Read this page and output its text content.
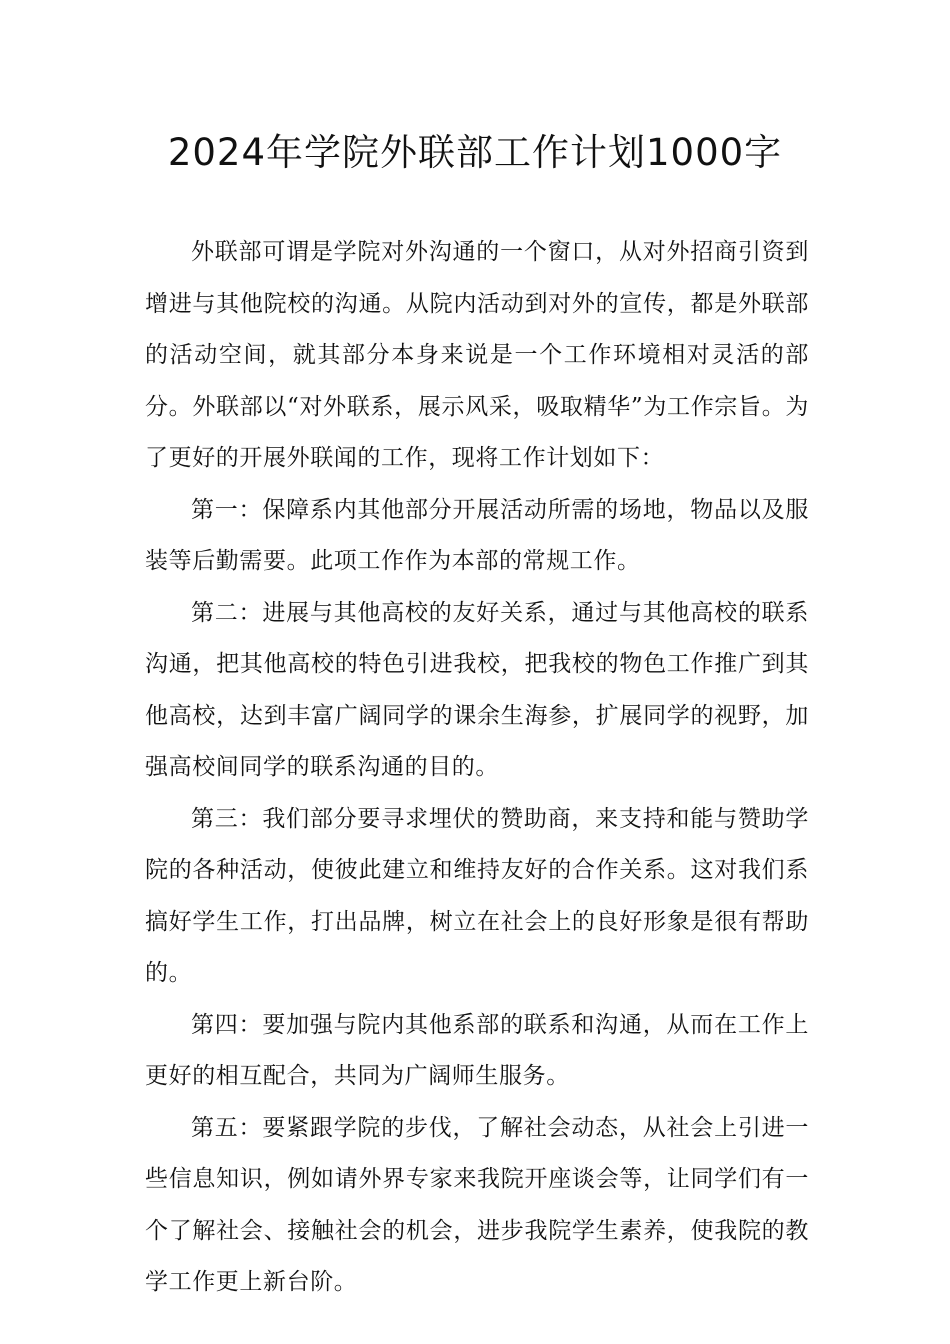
2024年学院外联部工作计划1000字

外联部可谓是学院对外沟通的一个窗口，从对外招商引资到增进与其他院校的沟通。从院内活动到对外的宣传，都是外联部的活动空间，就其部分本身来说是一个工作环境相对灵活的部分。外联部以“对外联系，展示风采，吸取精华”为工作宗旨。为了更好的开展外联闻的工作，现将工作计划如下：

第一：保障系内其他部分开展活动所需的场地，物品以及服装等后勤需要。此项工作作为本部的常规工作。

第二：进展与其他高校的友好关系，通过与其他高校的联系沟通，把其他高校的特色引进我校，把我校的物色工作推广到其他高校，达到丰富广阔同学的课余生海参，扩展同学的视野，加强高校间同学的联系沟通的目的。

第三：我们部分要寻求埋伏的赞助商，来支持和能与赞助学院的各种活动，使彼此建立和维持友好的合作关系。这对我们系搞好学生工作，打出品牌，树立在社会上的良好形象是很有帮助的。

第四：要加强与院内其他系部的联系和沟通，从而在工作上更好的相互配合，共同为广阔师生服务。

第五：要紧跟学院的步伐，了解社会动态，从社会上引进一些信息知识，例如请外界专家来我院开座谈会等，让同学们有一个了解社会、接触社会的机会，进步我院学生素养，使我院的教学工作更上新台阶。
